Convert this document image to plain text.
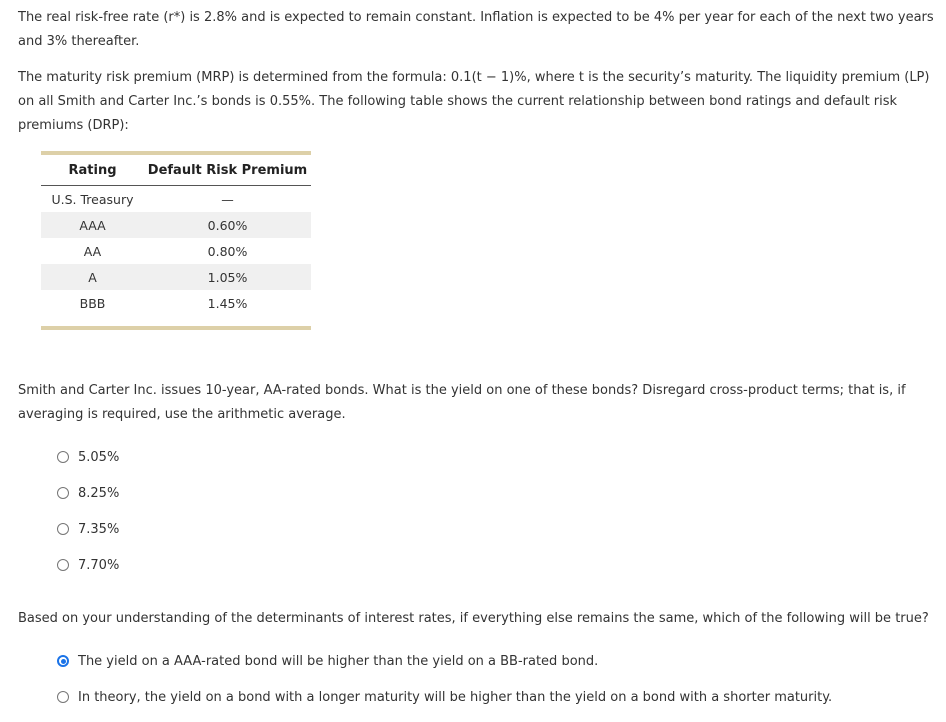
The real risk-free rate (r*) is 2.8% and is expected to remain constant. Inflation is expected to be 4% per year for each of the next two years and 3% thereafter.

The maturity risk premium (MRP) is determined from the formula: 0.1(t − 1)%, where t is the security’s maturity. The liquidity premium (LP) on all Smith and Carter Inc.’s bonds is 0.55%. The following table shows the current relationship between bond ratings and default risk premiums (DRP):

Rating	Default Risk Premium
U.S. Treasury	—
AAA	0.60%
AA	0.80%
A	1.05%
BBB	1.45%

Smith and Carter Inc. issues 10-year, AA-rated bonds. What is the yield on one of these bonds? Disregard cross-product terms; that is, if averaging is required, use the arithmetic average.

5.05%
8.25%
7.35%
7.70%

Based on your understanding of the determinants of interest rates, if everything else remains the same, which of the following will be true?

The yield on a AAA-rated bond will be higher than the yield on a BB-rated bond.
In theory, the yield on a bond with a longer maturity will be higher than the yield on a bond with a shorter maturity.
